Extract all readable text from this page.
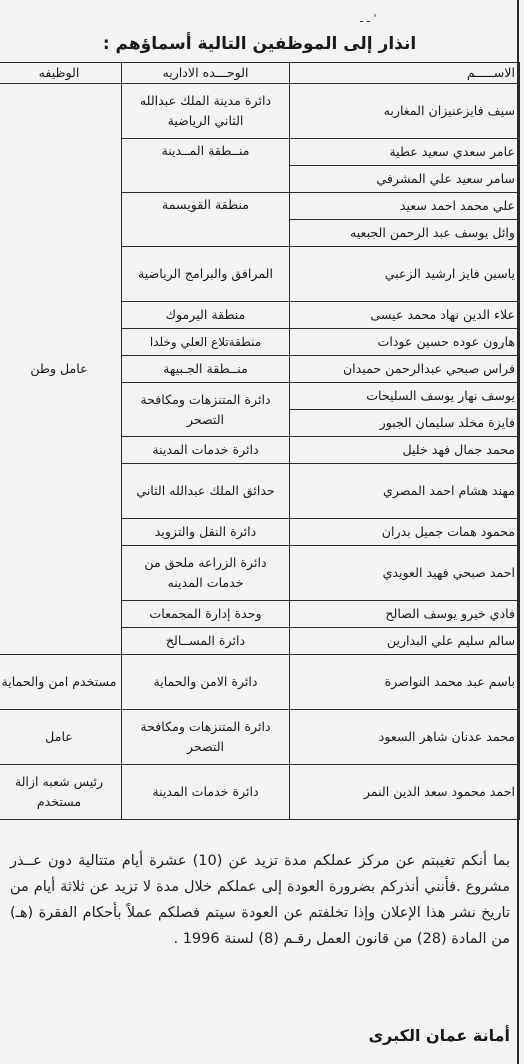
ـ ـ '
انذار إلى الموظفين التالية أسماؤهم :
الاســـــم	الوحـــده الاداريه	الوظيفه
سيف فايزعنيزان المغاربه	دائرة مدينة الملك عبدالله الثاني الرياضية	عامل وطن
عامر سعدي سعيد عطية	منــطقة المــدينة	
سامر سعيد علي المشرفي		
علي محمد احمد سعيد	منطقة القويسمة	
وائل يوسف عبد الرحمن الجبعيه		
ياسين فايز ارشيد الزعبي	المرافق والبرامج الرياضية	
علاء الدين نهاد محمد عيسى	منطقة اليرموك	
هارون عوده حسين عودات	منطقةتلاع العلي وخلدا	
فراس صبحي عبدالرحمن حميدان	منــطقة الجـبيهة	
يوسف نهار يوسف السليحات	دائرة المتنزهات ومكافحة التصحر	
فايزة مخلد سليمان الجبور		
محمد جمال فهد خليل	دائرة خدمات المدينة	
مهند هشام احمد المصري	حدائق الملك عبدالله الثاني	
محمود همات جميل بدران	دائرة النقل والتزويد	
احمد صبحي فهيد العويدي	دائرة الزراعه ملحق من خدمات المدينه	
فادي خيرو يوسف الصالح	وحدة إدارة المجمعات	
سالم سليم علي البدارين	دائرة المســالخ	
باسم عبد محمد النواصرة	دائرة الامن والحماية	مستخدم امن والحماية
محمد عدنان شاهر السعود	دائرة المتنزهات ومكافحة التصحر	عامل
احمد محمود سعد الدين النمر	دائرة خدمات المدينة	رئيس شعبه ازالة مستخدم
بما أنكم تغيبتم عن مركز عملكم مدة تزيد عن (10) عشرة أيام متتالية دون عــذر مشروع .فأنني أنذركم بضرورة العودة إلى عملكم خلال مدة لا تزيد عن ثلاثة أيام من تاريخ نشر هذا الإعلان وإذا تخلفتم عن العودة سيتم فصلكم عملاً بأحكام الفقرة (هـ) من المادة (28) من قانون العمل رقـم (8) لسنة 1996 .
أمانة عمان الكبرى
